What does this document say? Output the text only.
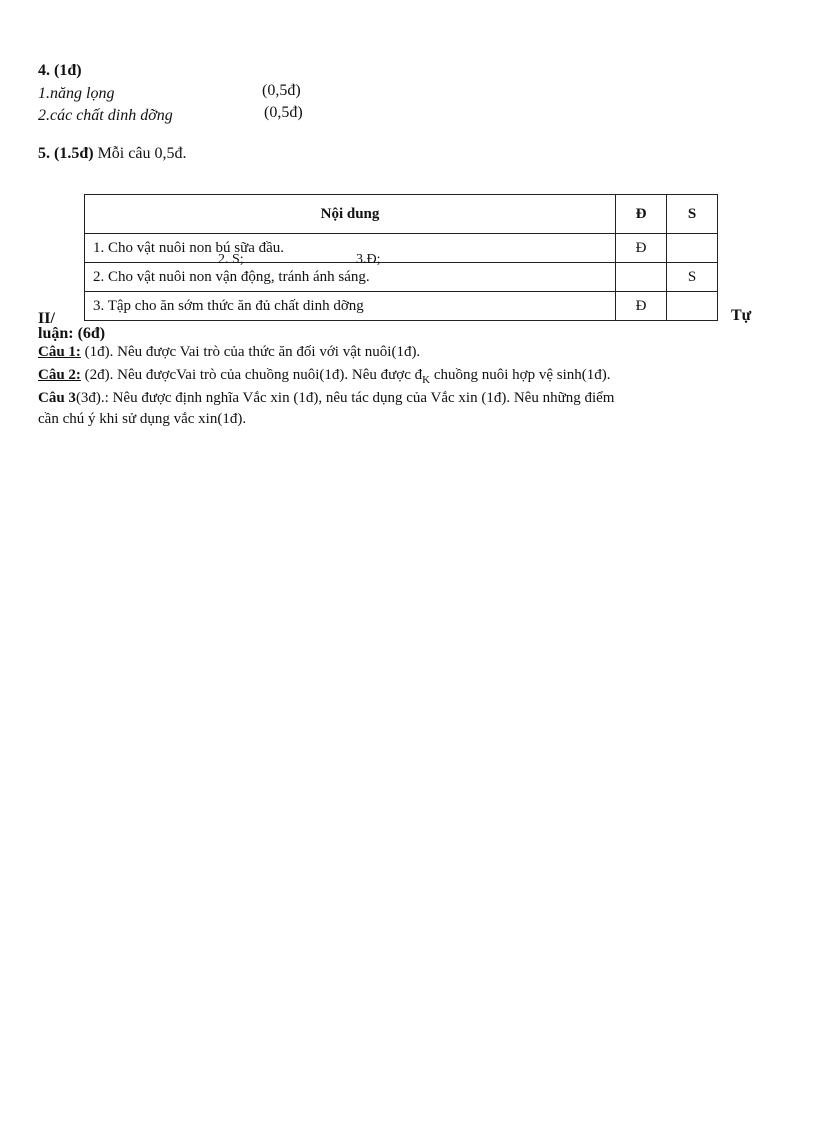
4. (1đ)
1.năng lọng	(0,5đ)
2.các chất dinh dỡng	(0,5đ)
5. (1.5đ) Mỗi câu 0,5đ.
Nội dung	Đ	S
1. Cho vật nuôi non bú sữa đầu.	Đ	
2. Cho vật nuôi non vận động, tránh ánh sáng.		S
3. Tập cho ăn sớm thức ăn đủ chất dinh dỡng	Đ	
2. S;	3.Đ;
II/	Tự
luận: (6đ)
Câu 1: (1đ). Nêu được Vai trò của thức ăn đối với vật nuôi(1đ).
Câu 2: (2đ). Nêu đượcVai trò của chuồng nuôi(1đ). Nêu được $đ_K$ chuồng nuôi hợp vệ sinh(1đ).
Câu 3(3đ).: Nêu được định nghĩa Vắc xin (1đ), nêu tác dụng của Vắc xin (1đ). Nêu những điểm
cần chú ý khi sử dụng vắc xin(1đ).
